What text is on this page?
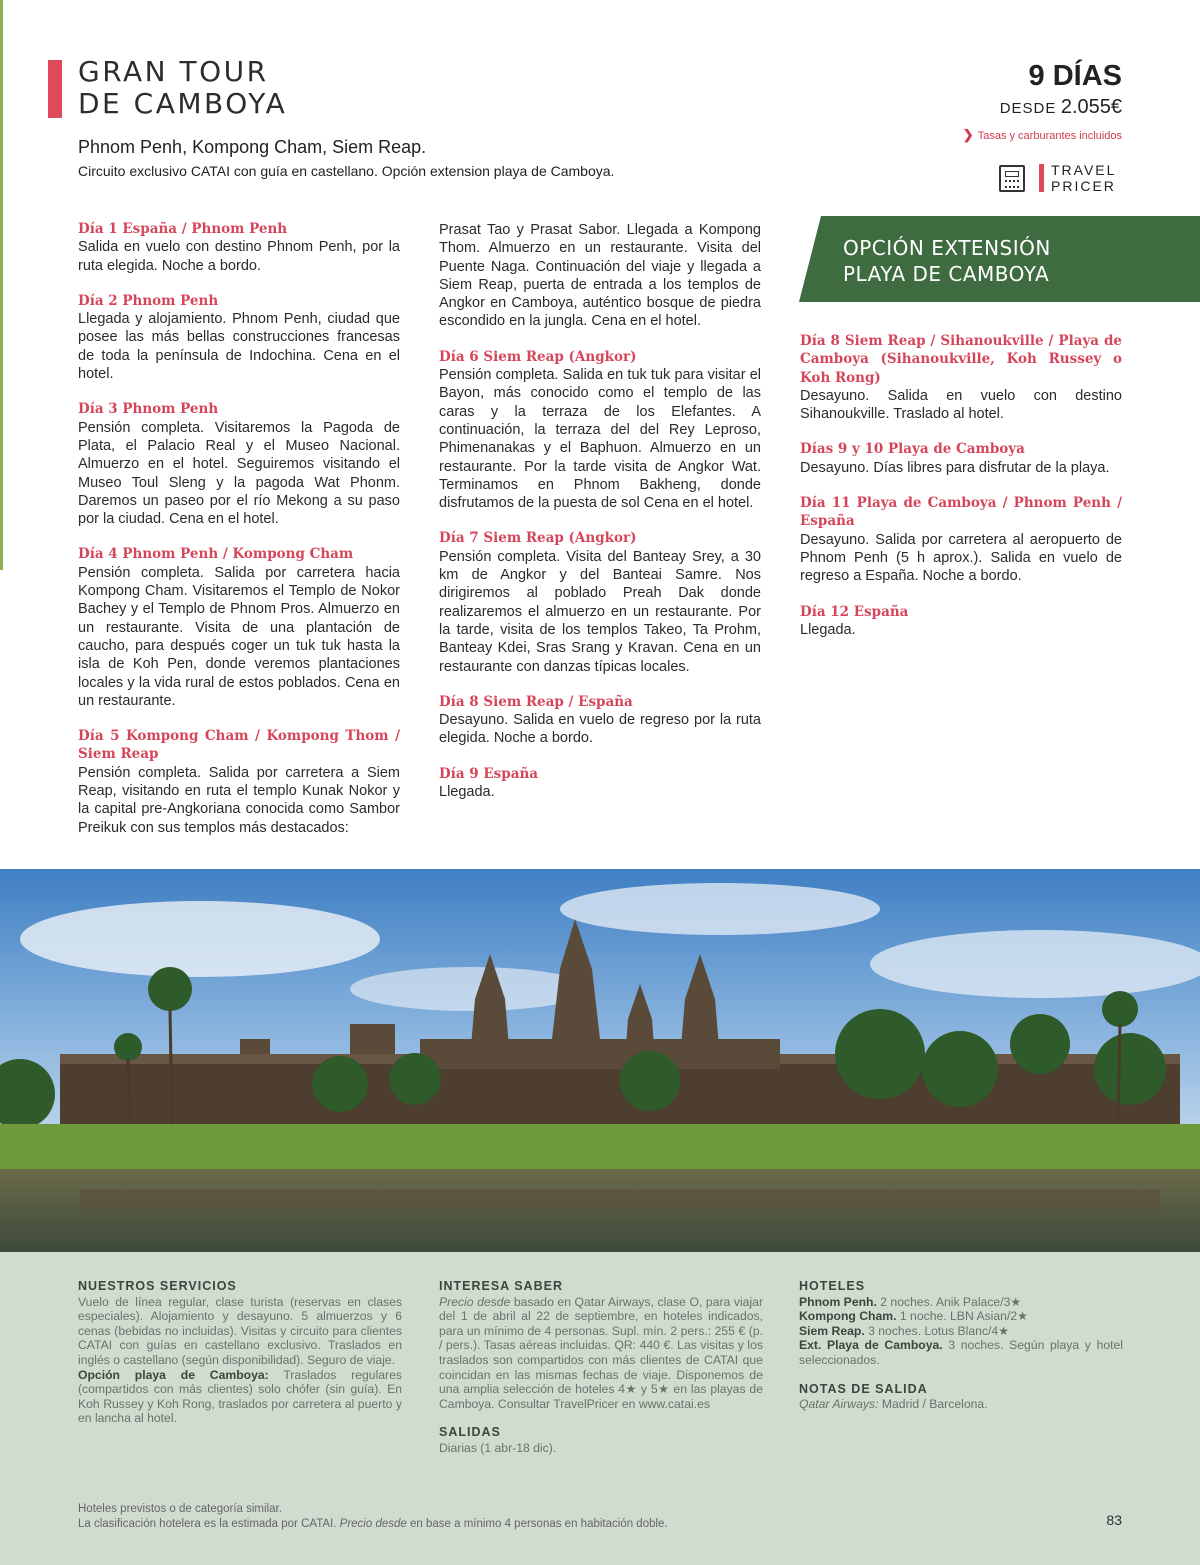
GRAN TOUR
DE CAMBOYA
Phnom Penh, Kompong Cham, Siem Reap.
Circuito exclusivo CATAI con guía en castellano. Opción extension playa de Camboya.
9 DÍAS
DESDE 2.055€
❯ Tasas y carburantes incluidos
TRAVEL
PRICER
Día 1 España / Phnom Penh
Salida en vuelo con destino Phnom Penh, por la ruta elegida. Noche a bordo.
Día 2 Phnom Penh
Llegada y alojamiento. Phnom Penh, ciudad que posee las más bellas construcciones francesas de toda la península de Indochina. Cena en el hotel.
Día 3 Phnom Penh
Pensión completa. Visitaremos la Pagoda de Plata, el Palacio Real y el Museo Nacional. Almuerzo en el hotel. Seguiremos visitando el Museo Toul Sleng y la pagoda Wat Phonm. Daremos un paseo por el río Mekong a su paso por la ciudad. Cena en el hotel.
Día 4 Phnom Penh / Kompong Cham
Pensión completa. Salida por carretera hacia Kompong Cham. Visitaremos el Templo de Nokor Bachey y el Templo de Phnom Pros. Almuerzo en un restaurante. Visita de una plantación de caucho, para después coger un tuk tuk hasta la isla de Koh Pen, donde veremos plantaciones locales y la vida rural de estos poblados. Cena en un restaurante.
Día 5 Kompong Cham / Kompong Thom / Siem Reap
Pensión completa. Salida por carretera a Siem Reap, visitando en ruta el templo Kunak Nokor y la capital pre-Angkoriana conocida como Sambor Preikuk con sus templos más destacados:
Prasat Tao y Prasat Sabor. Llegada a Kompong Thom. Almuerzo en un restaurante. Visita del Puente Naga. Continuación del viaje y llegada a Siem Reap, puerta de entrada a los templos de Angkor en Camboya, auténtico bosque de piedra escondido en la jungla. Cena en el hotel.
Día 6 Siem Reap (Angkor)
Pensión completa. Salida en tuk tuk para visitar el Bayon, más conocido como el templo de las caras y la terraza de los Elefantes. A continuación, la terraza del del Rey Leproso, Phimenanakas y el Baphuon. Almuerzo en un restaurante. Por la tarde visita de Angkor Wat. Terminamos en Phnom Bakheng, donde disfrutamos de la puesta de sol Cena en el hotel.
Día 7 Siem Reap (Angkor)
Pensión completa. Visita del Banteay Srey, a 30 km de Angkor y del Banteai Samre. Nos dirigiremos al poblado Preah Dak donde realizaremos el almuerzo en un restaurante. Por la tarde, visita de los templos Takeo, Ta Prohm, Banteay Kdei, Sras Srang y Kravan. Cena en un restaurante con danzas típicas locales.
Día 8 Siem Reap / España
Desayuno. Salida en vuelo de regreso por la ruta elegida. Noche a bordo.
Día 9 España
Llegada.
OPCIÓN EXTENSIÓN
PLAYA DE CAMBOYA
Día 8 Siem Reap / Sihanoukville / Playa de Camboya (Sihanoukville, Koh Russey o Koh Rong)
Desayuno. Salida en vuelo con destino Sihanoukville. Traslado al hotel.
Días 9 y 10 Playa de Camboya
Desayuno. Días libres para disfrutar de la playa.
Día 11 Playa de Camboya / Phnom Penh / España
Desayuno. Salida por carretera al aeropuerto de Phnom Penh (5 h aprox.). Salida en vuelo de regreso a España. Noche a bordo.
Día 12 España
Llegada.
NUESTROS SERVICIOS
Vuelo de línea regular, clase turista (reservas en clases especiales). Alojamiento y desayuno. 5 almuerzos y 6 cenas (bebidas no incluidas). Visitas y circuito para clientes CATAI con guías en castellano exclusivo. Traslados en inglés o castellano (según disponibilidad). Seguro de viaje.
Opción playa de Camboya: Traslados regulares (compartidos con más clientes) solo chófer (sin guía). En Koh Russey y Koh Rong, traslados por carretera al puerto y en lancha al hotel.
INTERESA SABER
Precio desde basado en Qatar Airways, clase O, para viajar del 1 de abril al 22 de septiembre, en hoteles indicados, para un mínimo de 4 personas. Supl. mín. 2 pers.: 255 € (p. / pers.). Tasas aéreas incluidas. QR: 440 €. Las visitas y los traslados son compartidos con más clientes de CATAI que coincidan en las mismas fechas de viaje. Disponemos de una amplia selección de hoteles 4★ y 5★ en las playas de Camboya. Consultar TravelPricer en www.catai.es
SALIDAS
Diarias (1 abr-18 dic).
HOTELES
Phnom Penh. 2 noches. Anik Palace/3★
Kompong Cham. 1 noche. LBN Asian/2★
Siem Reap. 3 noches. Lotus Blanc/4★
Ext. Playa de Camboya. 3 noches. Según playa y hotel seleccionados.
NOTAS DE SALIDA
Qatar Airways: Madrid / Barcelona.
Hoteles previstos o de categoría similar.
La clasificación hotelera es la estimada por CATAI. Precio desde en base a mínimo 4 personas en habitación doble.	83
